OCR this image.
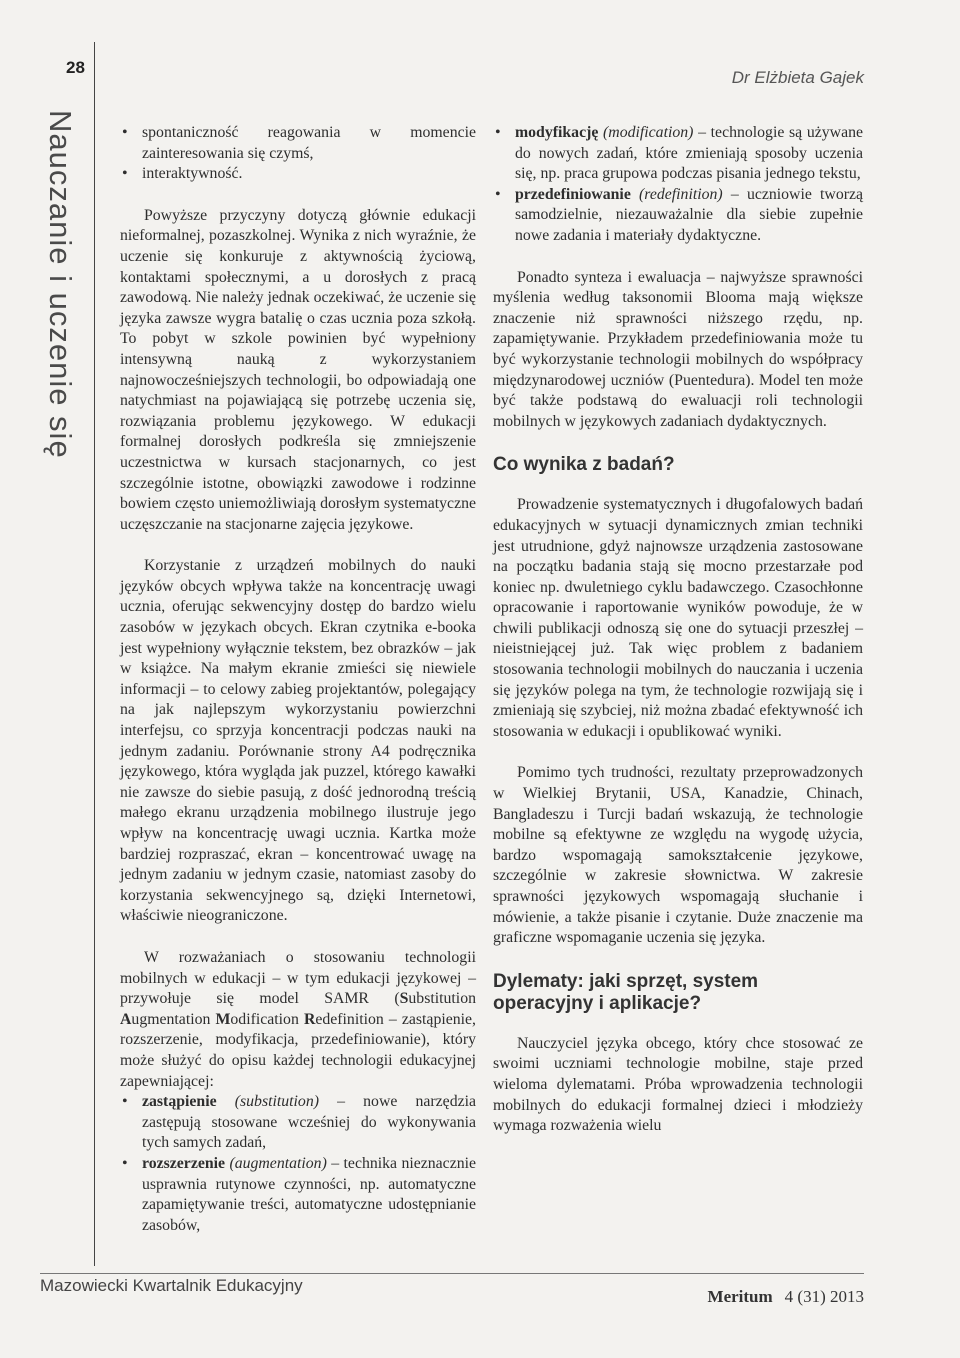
28
Nauczanie i uczenie się
Dr Elżbieta Gajek
• spontaniczność reagowania w momencie zainteresowania się czymś,
• interaktywność.

Powyższe przyczyny dotyczą głównie edukacji nieformalnej, pozaszkolnej. Wynika z nich wyraźnie, że uczenie się konkuruje z aktywnością życiową, kontaktami społecznymi, a u dorosłych z pracą zawodową. Nie należy jednak oczekiwać, że uczenie się języka zawsze wygra batalię o czas ucznia poza szkołą. To pobyt w szkole powinien być wypełniony intensywną nauką z wykorzystaniem najnowocześniejszych technologii, bo odpowiadają one natychmiast na pojawiającą się potrzebę uczenia się, rozwiązania problemu językowego. W edukacji formalnej dorosłych podkreśla się zmniejszenie uczestnictwa w kursach stacjonarnych, co jest szczególnie istotne, obowiązki zawodowe i rodzinne bowiem często uniemożliwiają dorosłym systematyczne uczęszczanie na stacjonarne zajęcia językowe.

Korzystanie z urządzeń mobilnych do nauki języków obcych wpływa także na koncentrację uwagi ucznia, oferując sekwencyjny dostęp do bardzo wielu zasobów w językach obcych. Ekran czytnika e-booka jest wypełniony wyłącznie tekstem, bez obrazków – jak w książce. Na małym ekranie zmieści się niewiele informacji – to celowy zabieg projektantów, polegający na jak najlepszym wykorzystaniu powierzchni interfejsu, co sprzyja koncentracji podczas nauki na jednym zadaniu. Porównanie strony A4 podręcznika językowego, która wygląda jak puzzel, którego kawałki nie zawsze do siebie pasują, z dość jednorodną treścią małego ekranu urządzenia mobilnego ilustruje jego wpływ na koncentrację uwagi ucznia. Kartka może bardziej rozpraszać, ekran – koncentrować uwagę na jednym zadaniu w jednym czasie, natomiast zasoby do korzystania sekwencyjnego są, dzięki Internetowi, właściwie nieograniczone.

W rozważaniach o stosowaniu technologii mobilnych w edukacji – w tym edukacji językowej – przywołuje się model SAMR (Substitution Augmentation Modification Redefinition – zastąpienie, rozszerzenie, modyfikacja, przedefiniowanie), który może służyć do opisu każdej technologii edukacyjnej zapewniającej:

• zastąpienie (substitution) – nowe narzędzia zastępują stosowane wcześniej do wykonywania tych samych zadań,
• rozszerzenie (augmentation) – technika nieznacznie usprawnia rutynowe czynności, np. automatyczne zapamiętywanie treści, automatyczne udostępnianie zasobów,
• modyfikację (modification) – technologie są używane do nowych zadań, które zmieniają sposoby uczenia się, np. praca grupowa podczas pisania jednego tekstu,
• przedefiniowanie (redefinition) – uczniowie tworzą samodzielnie, niezauważalnie dla siebie zupełnie nowe zadania i materiały dydaktyczne.

Ponadto synteza i ewaluacja – najwyższe sprawności myślenia według taksonomii Blooma mają większe znaczenie niż sprawności niższego rzędu, np. zapamiętywanie. Przykładem przedefiniowania może tu być wykorzystanie technologii mobilnych do współpracy międzynarodowej uczniów (Puentedura). Model ten może być także podstawą do ewaluacji roli technologii mobilnych w językowych zadaniach dydaktycznych.

Co wynika z badań?

Prowadzenie systematycznych i długofalowych badań edukacyjnych w sytuacji dynamicznych zmian techniki jest utrudnione, gdyż najnowsze urządzenia zastosowane na początku badania stają się mocno przestarzałe pod koniec np. dwuletniego cyklu badawczego. Czasochłonne opracowanie i raportowanie wyników powoduje, że w chwili publikacji odnoszą się one do sytuacji przeszłej – nieistniejącej już. Tak więc problem z badaniem stosowania technologii mobilnych do nauczania i uczenia się języków polega na tym, że technologie rozwijają się i zmieniają się szybciej, niż można zbadać efektywność ich stosowania w edukacji i opublikować wyniki.

Pomimo tych trudności, rezultaty przeprowadzonych w Wielkiej Brytanii, USA, Kanadzie, Chinach, Bangladeszu i Turcji badań wskazują, że technologie mobilne są efektywne ze względu na wygodę użycia, bardzo wspomagają samokształcenie językowe, szczególnie w zakresie słownictwa. W zakresie sprawności językowych wspomagają słuchanie i mówienie, a także pisanie i czytanie. Duże znaczenie ma graficzne wspomaganie uczenia się języka.

Dylematy: jaki sprzęt, system operacyjny i aplikacje?

Nauczyciel języka obcego, który chce stosować ze swoimi uczniami technologie mobilne, staje przed wieloma dylematami. Próba wprowadzenia technologii mobilnych do edukacji formalnej dzieci i młodzieży wymaga rozważenia wielu

Mazowiecki Kwartalnik Edukacyjny
Meritum 4 (31) 2013
